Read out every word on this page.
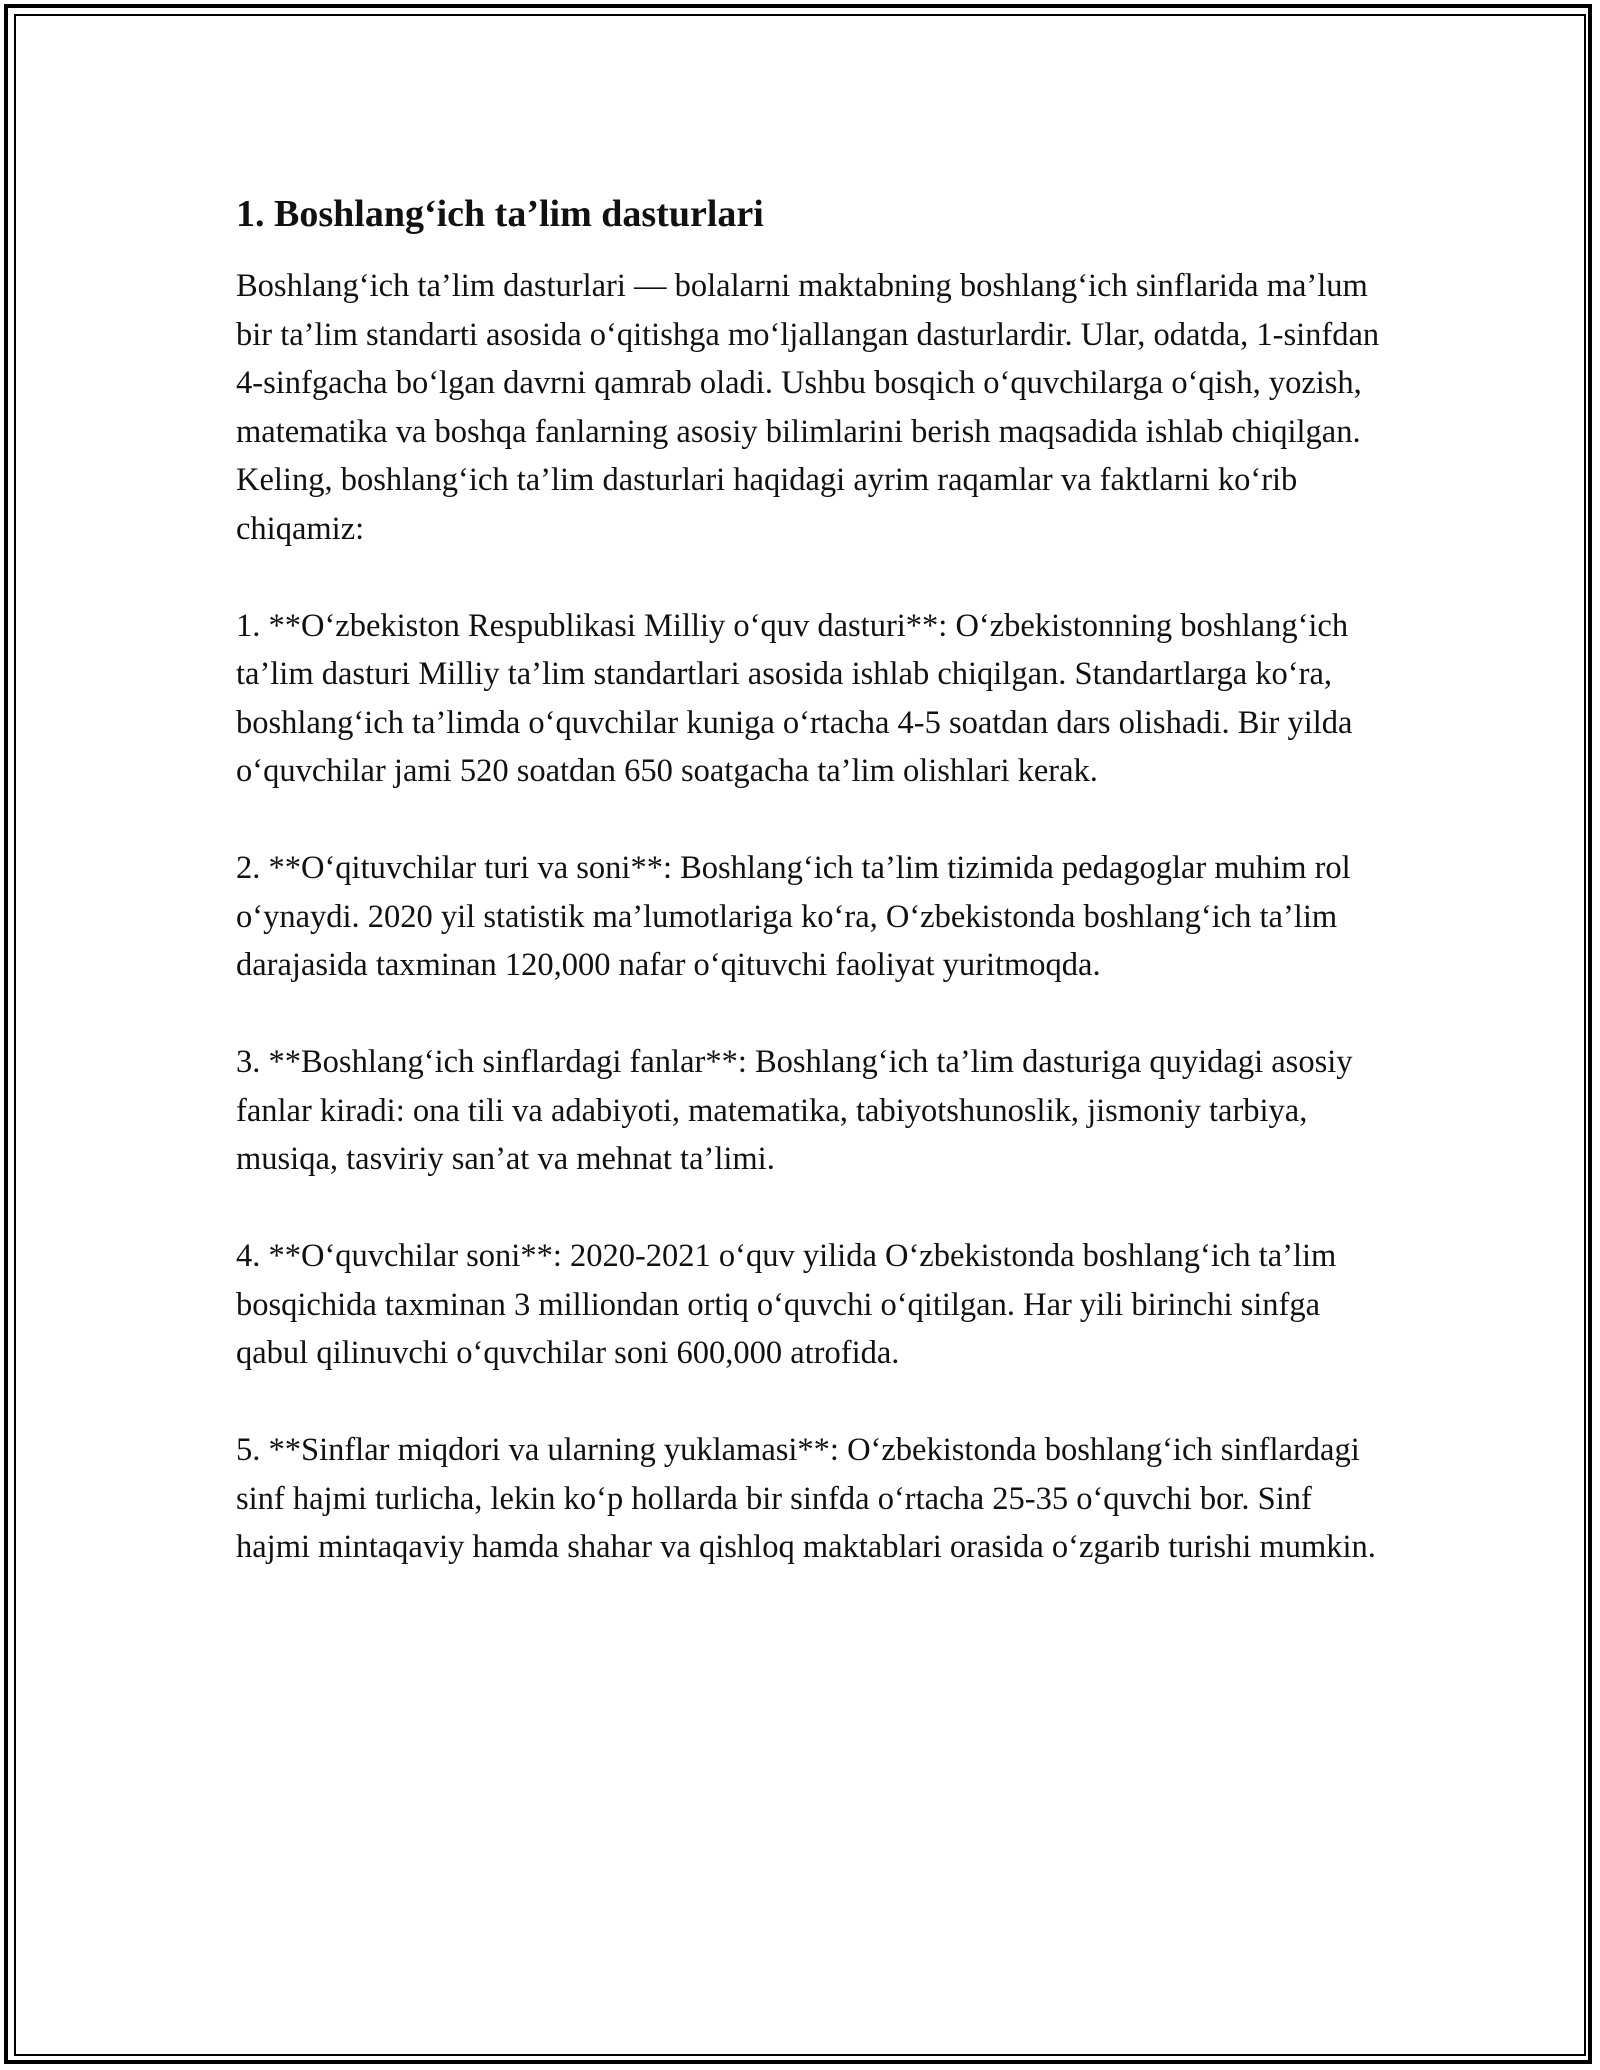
1. Boshlang‘ich ta’lim dasturlari

Boshlang‘ich ta’lim dasturlari — bolalarni maktabning boshlang‘ich sinflarida ma’lum bir ta’lim standarti asosida o‘qitishga mo‘ljallangan dasturlardir. Ular, odatda, 1-sinfdan 4-sinfgacha bo‘lgan davrni qamrab oladi. Ushbu bosqich o‘quvchilarga o‘qish, yozish, matematika va boshqa fanlarning asosiy bilimlarini berish maqsadida ishlab chiqilgan. Keling, boshlang‘ich ta’lim dasturlari haqidagi ayrim raqamlar va faktlarni ko‘rib chiqamiz:

1. **O‘zbekiston Respublikasi Milliy o‘quv dasturi**: O‘zbekistonning boshlang‘ich ta’lim dasturi Milliy ta’lim standartlari asosida ishlab chiqilgan. Standartlarga ko‘ra, boshlang‘ich ta’limda o‘quvchilar kuniga o‘rtacha 4-5 soatdan dars olishadi. Bir yilda o‘quvchilar jami 520 soatdan 650 soatgacha ta’lim olishlari kerak.

2. **O‘qituvchilar turi va soni**: Boshlang‘ich ta’lim tizimida pedagoglar muhim rol o‘ynaydi. 2020 yil statistik ma’lumotlariga ko‘ra, O‘zbekistonda boshlang‘ich ta’lim darajasida taxminan 120,000 nafar o‘qituvchi faoliyat yuritmoqda.

3. **Boshlang‘ich sinflardagi fanlar**: Boshlang‘ich ta’lim dasturiga quyidagi asosiy fanlar kiradi: ona tili va adabiyoti, matematika, tabiyotshunoslik, jismoniy tarbiya, musiqa, tasviriy san’at va mehnat ta’limi.

4. **O‘quvchilar soni**: 2020-2021 o‘quv yilida O‘zbekistonda boshlang‘ich ta’lim bosqichida taxminan 3 milliondan ortiq o‘quvchi o‘qitilgan. Har yili birinchi sinfga qabul qilinuvchi o‘quvchilar soni 600,000 atrofida.

5. **Sinflar miqdori va ularning yuklamasi**: O‘zbekistonda boshlang‘ich sinflardagi sinf hajmi turlicha, lekin ko‘p hollarda bir sinfda o‘rtacha 25-35 o‘quvchi bor. Sinf hajmi mintaqaviy hamda shahar va qishloq maktablari orasida o‘zgarib turishi mumkin.
